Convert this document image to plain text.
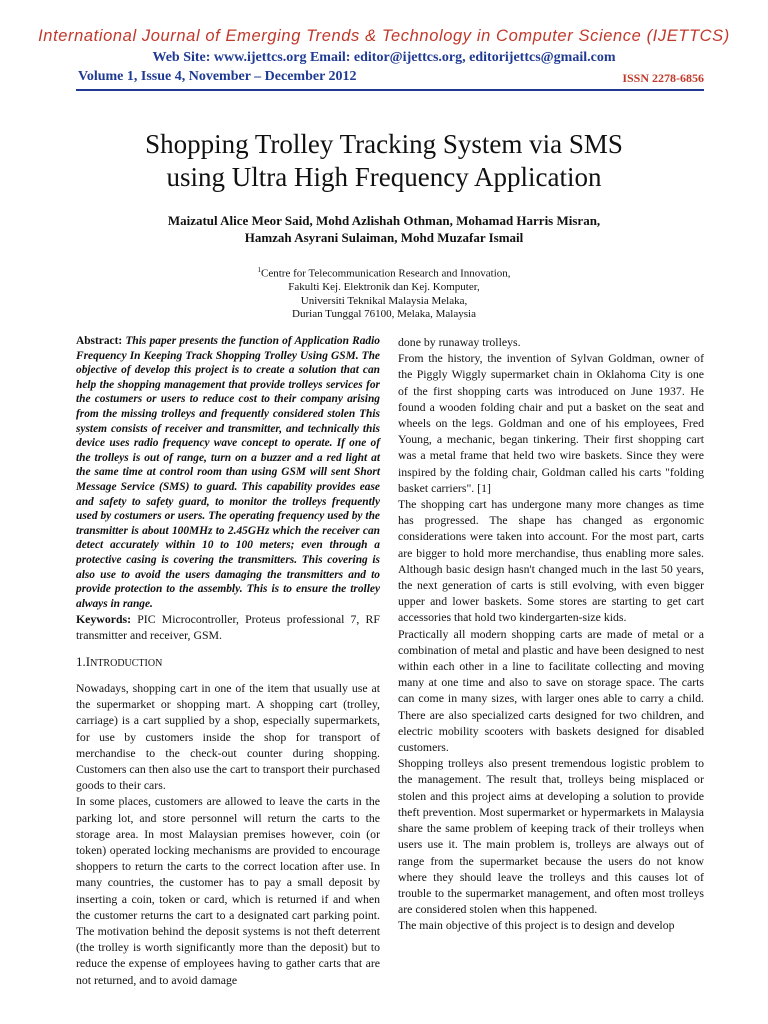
International Journal of Emerging Trends & Technology in Computer Science (IJETTCS)
Web Site: www.ijettcs.org Email: editor@ijettcs.org, editorijettcs@gmail.com
Volume 1, Issue 4, November – December 2012	ISSN 2278-6856
Shopping Trolley Tracking System via SMS
using Ultra High Frequency Application
Maizatul Alice Meor Said, Mohd Azlishah Othman, Mohamad Harris Misran,
Hamzah Asyrani Sulaiman, Mohd Muzafar Ismail
$^1$Centre for Telecommunication Research and Innovation,
Fakulti Kej. Elektronik dan Kej. Komputer,
Universiti Teknikal Malaysia Melaka,
Durian Tunggal 76100, Melaka, Malaysia

Abstract: This paper presents the function of Application Radio Frequency In Keeping Track Shopping Trolley Using GSM. The objective of develop this project is to create a solution that can help the shopping management that provide trolleys services for the costumers or users to reduce cost to their company arising from the missing trolleys and frequently considered stolen This system consists of receiver and transmitter, and technically this device uses radio frequency wave concept to operate. If one of the trolleys is out of range, turn on a buzzer and a red light at the same time at control room than using GSM will sent Short Message Service (SMS) to guard. This capability provides ease and safety to safety guard, to monitor the trolleys frequently used by costumers or users. The operating frequency used by the transmitter is about 100MHz to 2.45GHz which the receiver can detect accurately within 10 to 100 meters; even through a protective casing is covering the transmitters. This covering is also use to avoid the users damaging the transmitters and to provide protection to the assembly. This is to ensure the trolley always in range.

Keywords: PIC Microcontroller, Proteus professional 7, RF transmitter and receiver, GSM.

1.INTRODUCTION

Nowadays, shopping cart in one of the item that usually use at the supermarket or shopping mart. A shopping cart (trolley, carriage) is a cart supplied by a shop, especially supermarkets, for use by customers inside the shop for transport of merchandise to the check-out counter during shopping. Customers can then also use the cart to transport their purchased goods to their cars.

In some places, customers are allowed to leave the carts in the parking lot, and store personnel will return the carts to the storage area. In most Malaysian premises however, coin (or token) operated locking mechanisms are provided to encourage shoppers to return the carts to the correct location after use. In many countries, the customer has to pay a small deposit by inserting a coin, token or card, which is returned if and when the customer returns the cart to a designated cart parking point. The motivation behind the deposit systems is not theft deterrent (the trolley is worth significantly more than the deposit) but to reduce the expense of employees having to gather carts that are not returned, and to avoid damage

done by runaway trolleys.

From the history, the invention of Sylvan Goldman, owner of the Piggly Wiggly supermarket chain in Oklahoma City is one of the first shopping carts was introduced on June 1937. He found a wooden folding chair and put a basket on the seat and wheels on the legs. Goldman and one of his employees, Fred Young, a mechanic, began tinkering. Their first shopping cart was a metal frame that held two wire baskets. Since they were inspired by the folding chair, Goldman called his carts "folding basket carriers". [1]

The shopping cart has undergone many more changes as time has progressed. The shape has changed as ergonomic considerations were taken into account. For the most part, carts are bigger to hold more merchandise, thus enabling more sales. Although basic design hasn't changed much in the last 50 years, the next generation of carts is still evolving, with even bigger upper and lower baskets. Some stores are starting to get cart accessories that hold two kindergarten-size kids.

Practically all modern shopping carts are made of metal or a combination of metal and plastic and have been designed to nest within each other in a line to facilitate collecting and moving many at one time and also to save on storage space. The carts can come in many sizes, with larger ones able to carry a child. There are also specialized carts designed for two children, and electric mobility scooters with baskets designed for disabled customers.

Shopping trolleys also present tremendous logistic problem to the management. The result that, trolleys being misplaced or stolen and this project aims at developing a solution to provide theft prevention. Most supermarket or hypermarkets in Malaysia share the same problem of keeping track of their trolleys when users use it. The main problem is, trolleys are always out of range from the supermarket because the users do not know where they should leave the trolleys and this causes lot of trouble to the supermarket management, and often most trolleys are considered stolen when this happened.

The main objective of this project is to design and develop
